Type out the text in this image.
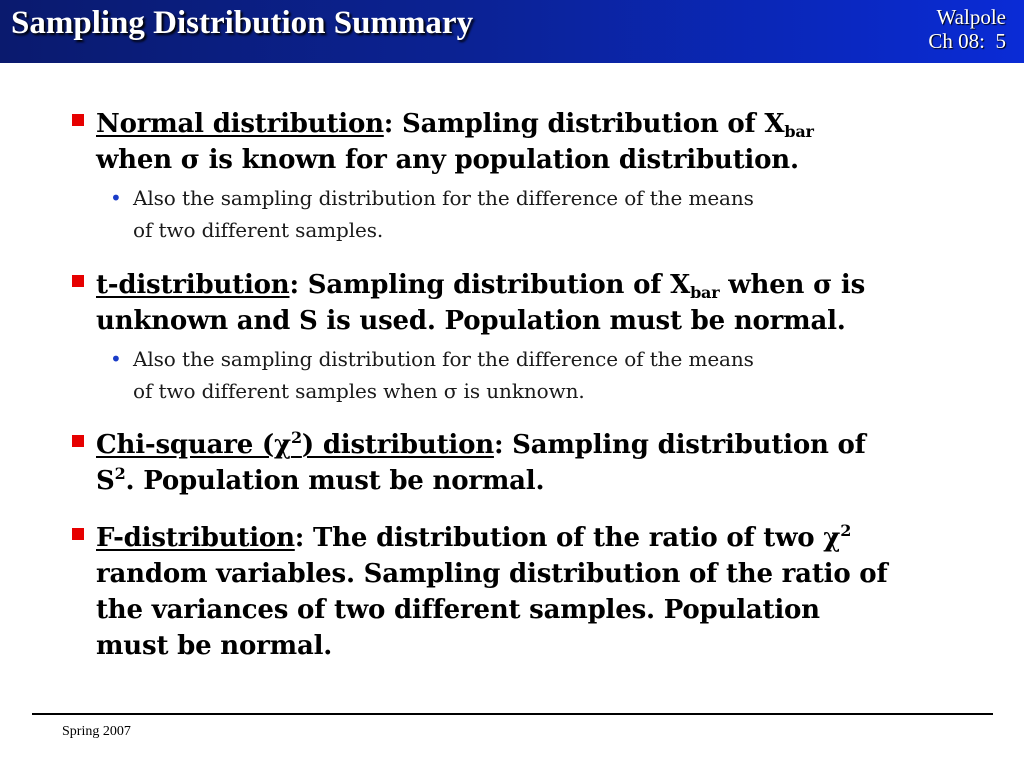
Sampling Distribution Summary	Walpole
Ch 08:  5
Normal distribution: Sampling distribution of $X_{bar}$
when σ is known for any population distribution.
• Also the sampling distribution for the difference of the means
of two different samples.
t-distribution: Sampling distribution of $X_{bar}$ when σ is
unknown and S is used. Population must be normal.
• Also the sampling distribution for the difference of the means
of two different samples when σ is unknown.
Chi-square $(\chi^2)$ distribution: Sampling distribution of
$S^2$. Population must be normal.
F-distribution: The distribution of the ratio of two $\chi^2$
random variables. Sampling distribution of the ratio of
the variances of two different samples. Population
must be normal.
Spring 2007
